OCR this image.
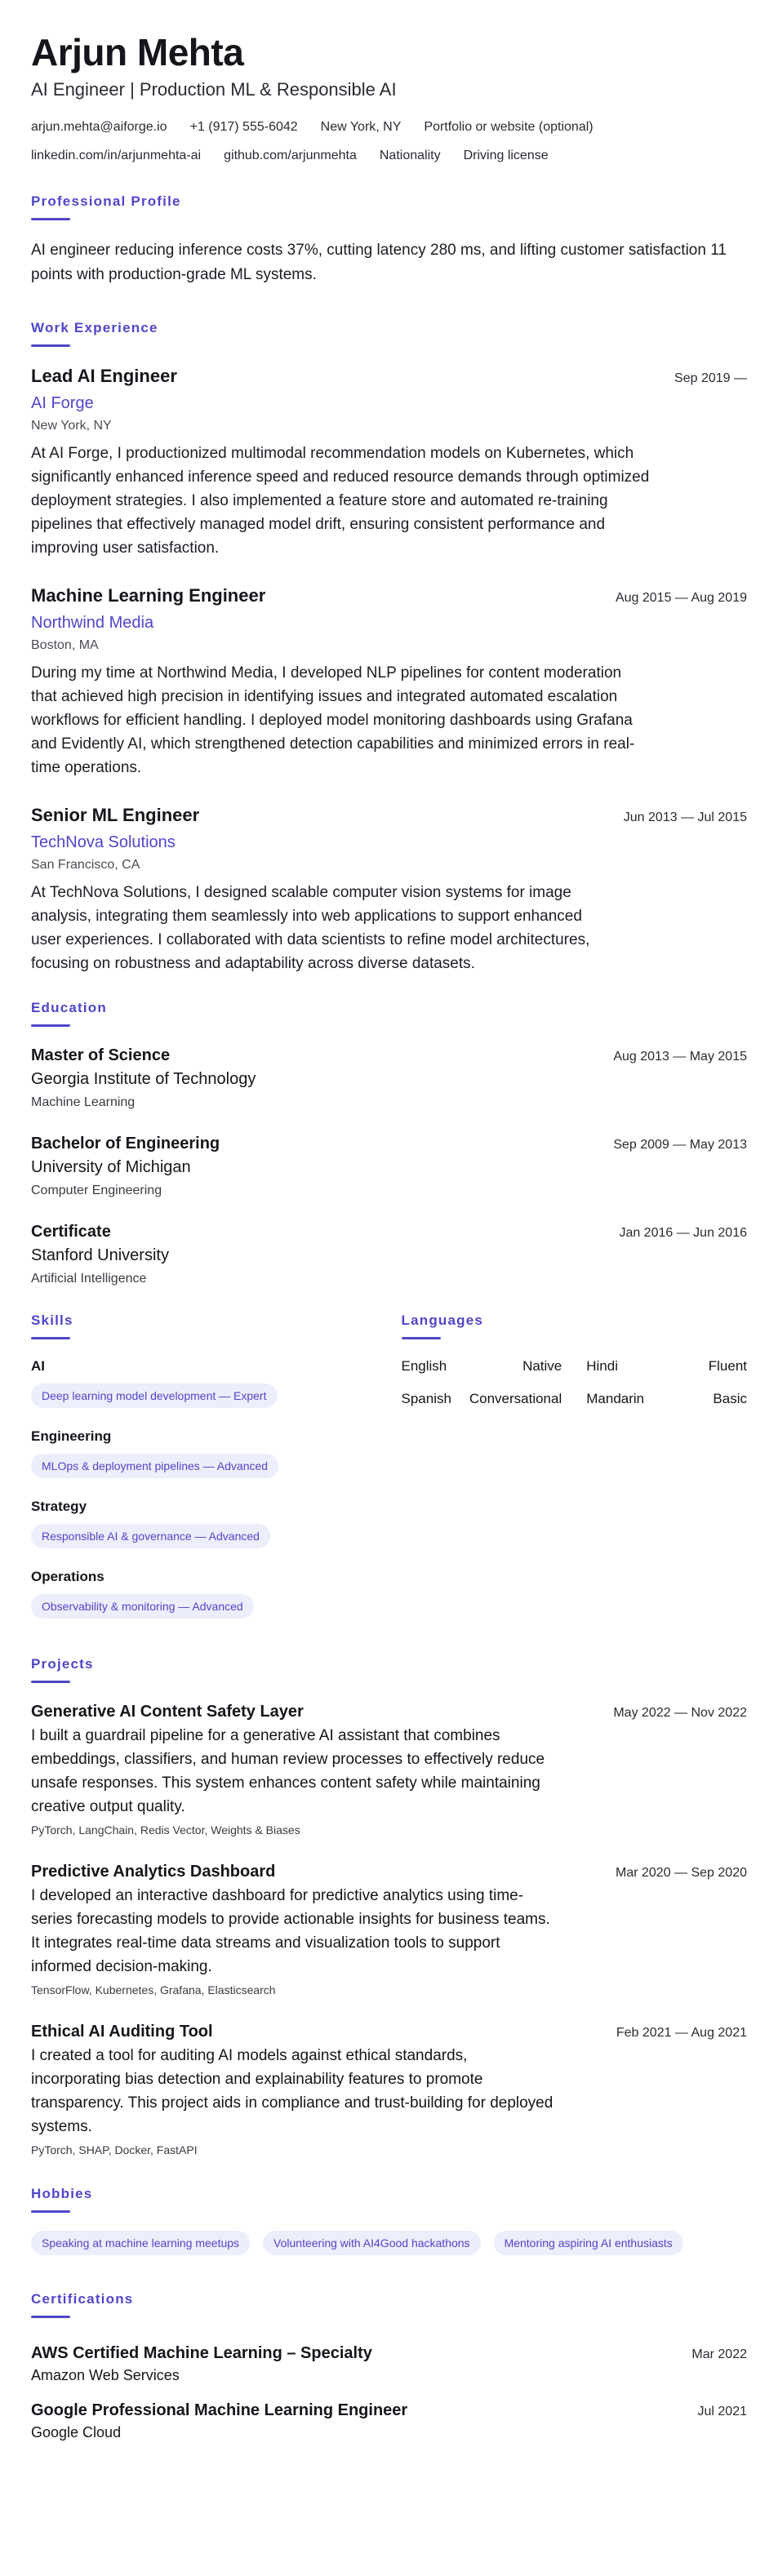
Arjun Mehta
AI Engineer | Production ML & Responsible AI
arjun.mehta@aiforge.io +1 (917) 555-6042 New York, NY Portfolio or website (optional)
linkedin.com/in/arjunmehta-ai github.com/arjunmehta Nationality Driving license
Professional Profile
AI engineer reducing inference costs 37%, cutting latency 280 ms, and lifting customer satisfaction 11 points with production-grade ML systems.
Work Experience
Lead AI Engineer	Sep 2019 —
AI Forge
New York, NY
At AI Forge, I productionized multimodal recommendation models on Kubernetes, which significantly enhanced inference speed and reduced resource demands through optimized deployment strategies. I also implemented a feature store and automated re-training pipelines that effectively managed model drift, ensuring consistent performance and improving user satisfaction.
Machine Learning Engineer	Aug 2015 — Aug 2019
Northwind Media
Boston, MA
During my time at Northwind Media, I developed NLP pipelines for content moderation that achieved high precision in identifying issues and integrated automated escalation workflows for efficient handling. I deployed model monitoring dashboards using Grafana and Evidently AI, which strengthened detection capabilities and minimized errors in real-time operations.
Senior ML Engineer	Jun 2013 — Jul 2015
TechNova Solutions
San Francisco, CA
At TechNova Solutions, I designed scalable computer vision systems for image analysis, integrating them seamlessly into web applications to support enhanced user experiences. I collaborated with data scientists to refine model architectures, focusing on robustness and adaptability across diverse datasets.
Education
Master of Science	Aug 2013 — May 2015
Georgia Institute of Technology
Machine Learning
Bachelor of Engineering	Sep 2009 — May 2013
University of Michigan
Computer Engineering
Certificate	Jan 2016 — Jun 2016
Stanford University
Artificial Intelligence
Skills
AI
Deep learning model development — Expert
Engineering
MLOps & deployment pipelines — Advanced
Strategy
Responsible AI & governance — Advanced
Operations
Observability & monitoring — Advanced
Languages
English	Native Hindi	Fluent
Spanish Conversational Mandarin	Basic
Projects
Generative AI Content Safety Layer	May 2022 — Nov 2022
I built a guardrail pipeline for a generative AI assistant that combines embeddings, classifiers, and human review processes to effectively reduce unsafe responses. This system enhances content safety while maintaining creative output quality.
PyTorch, LangChain, Redis Vector, Weights & Biases
Predictive Analytics Dashboard	Mar 2020 — Sep 2020
I developed an interactive dashboard for predictive analytics using time-series forecasting models to provide actionable insights for business teams. It integrates real-time data streams and visualization tools to support informed decision-making.
TensorFlow, Kubernetes, Grafana, Elasticsearch
Ethical AI Auditing Tool	Feb 2021 — Aug 2021
I created a tool for auditing AI models against ethical standards, incorporating bias detection and explainability features to promote transparency. This project aids in compliance and trust-building for deployed systems.
PyTorch, SHAP, Docker, FastAPI
Hobbies
Speaking at machine learning meetups	Volunteering with AI4Good hackathons	Mentoring aspiring AI enthusiasts
Certifications
AWS Certified Machine Learning – Specialty	Mar 2022
Amazon Web Services
Google Professional Machine Learning Engineer	Jul 2021
Google Cloud
